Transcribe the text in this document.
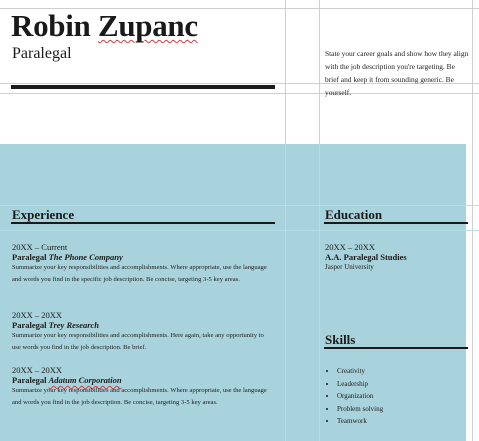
Robin Zupanc
Paralegal	State your career goals and show how they align with the job description you're targeting. Be brief and keep it from sounding generic. Be yourself.
Experience
20XX – Current
Paralegal The Phone Company
Summarize your key responsibilities and accomplishments. Where appropriate, use the language and words you find in the specific job description. Be concise, targeting 3-5 key areas.
20XX – 20XX
Paralegal Trey Research
Summarize your key responsibilities and accomplishments. Here again, take any opportunity to use words you find in the job description. Be brief.
20XX – 20XX
Paralegal Adatum Corporation
Summarize your key responsibilities and accomplishments. Where appropriate, use the language and words you find in the job description. Be concise, targeting 3-5 key areas.
Education
20XX – 20XX
A.A. Paralegal Studies
Jasper University
Skills
• Creativity
• Leadership
• Organization
• Problem solving
• Teamwork
